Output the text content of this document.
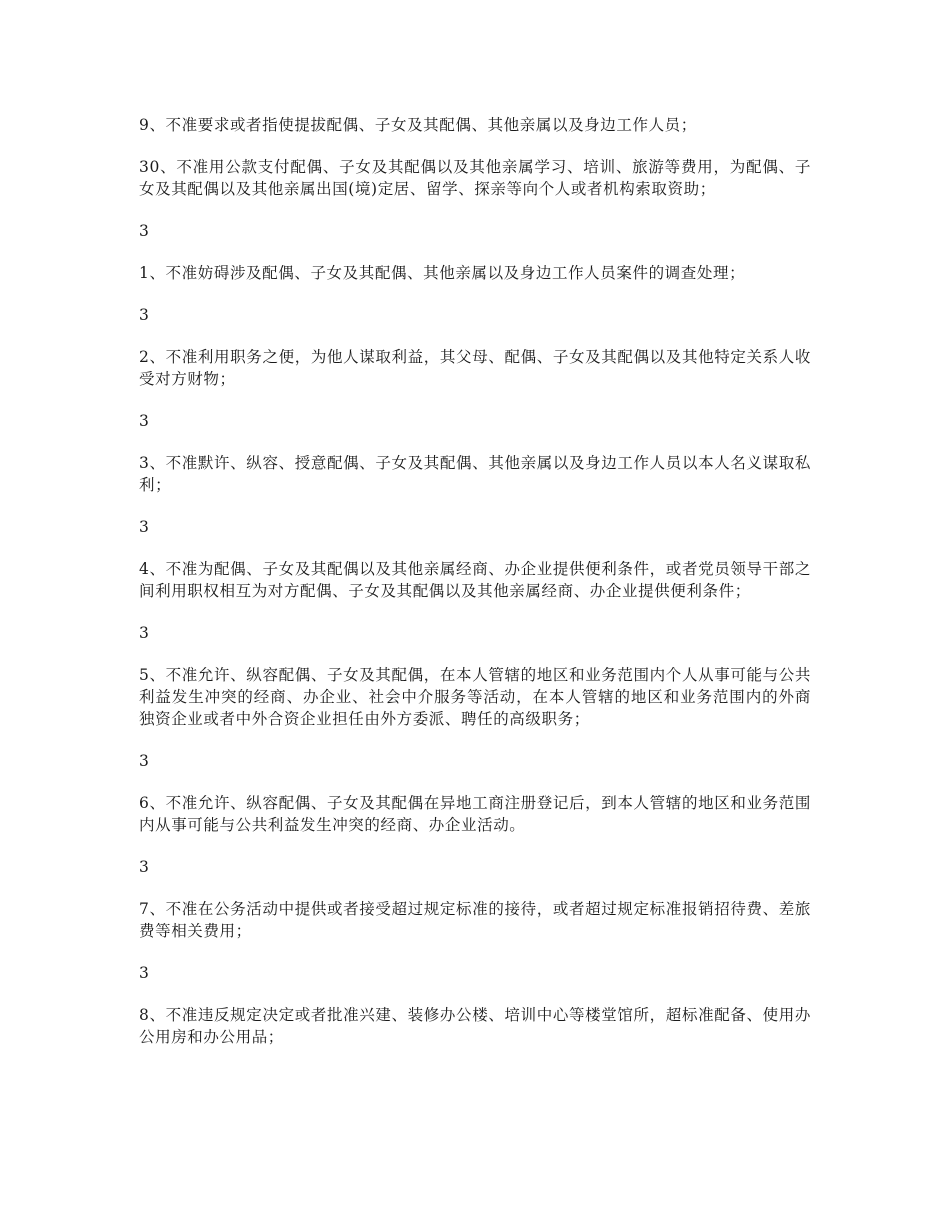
9、不准要求或者指使提拔配偶、子女及其配偶、其他亲属以及身边工作人员；

30、不准用公款支付配偶、子女及其配偶以及其他亲属学习、培训、旅游等费用，为配偶、子女及其配偶以及其他亲属出国(境)定居、留学、探亲等向个人或者机构索取资助；

3

1、不准妨碍涉及配偶、子女及其配偶、其他亲属以及身边工作人员案件的调查处理；

3

2、不准利用职务之便，为他人谋取利益，其父母、配偶、子女及其配偶以及其他特定关系人收受对方财物；

3

3、不准默许、纵容、授意配偶、子女及其配偶、其他亲属以及身边工作人员以本人名义谋取私利；

3

4、不准为配偶、子女及其配偶以及其他亲属经商、办企业提供便利条件，或者党员领导干部之间利用职权相互为对方配偶、子女及其配偶以及其他亲属经商、办企业提供便利条件；

3

5、不准允许、纵容配偶、子女及其配偶，在本人管辖的地区和业务范围内个人从事可能与公共利益发生冲突的经商、办企业、社会中介服务等活动，在本人管辖的地区和业务范围内的外商独资企业或者中外合资企业担任由外方委派、聘任的高级职务；

3

6、不准允许、纵容配偶、子女及其配偶在异地工商注册登记后，到本人管辖的地区和业务范围内从事可能与公共利益发生冲突的经商、办企业活动。

3

7、不准在公务活动中提供或者接受超过规定标准的接待，或者超过规定标准报销招待费、差旅费等相关费用；

3

8、不准违反规定决定或者批准兴建、装修办公楼、培训中心等楼堂馆所，超标准配备、使用办公用房和办公用品；
